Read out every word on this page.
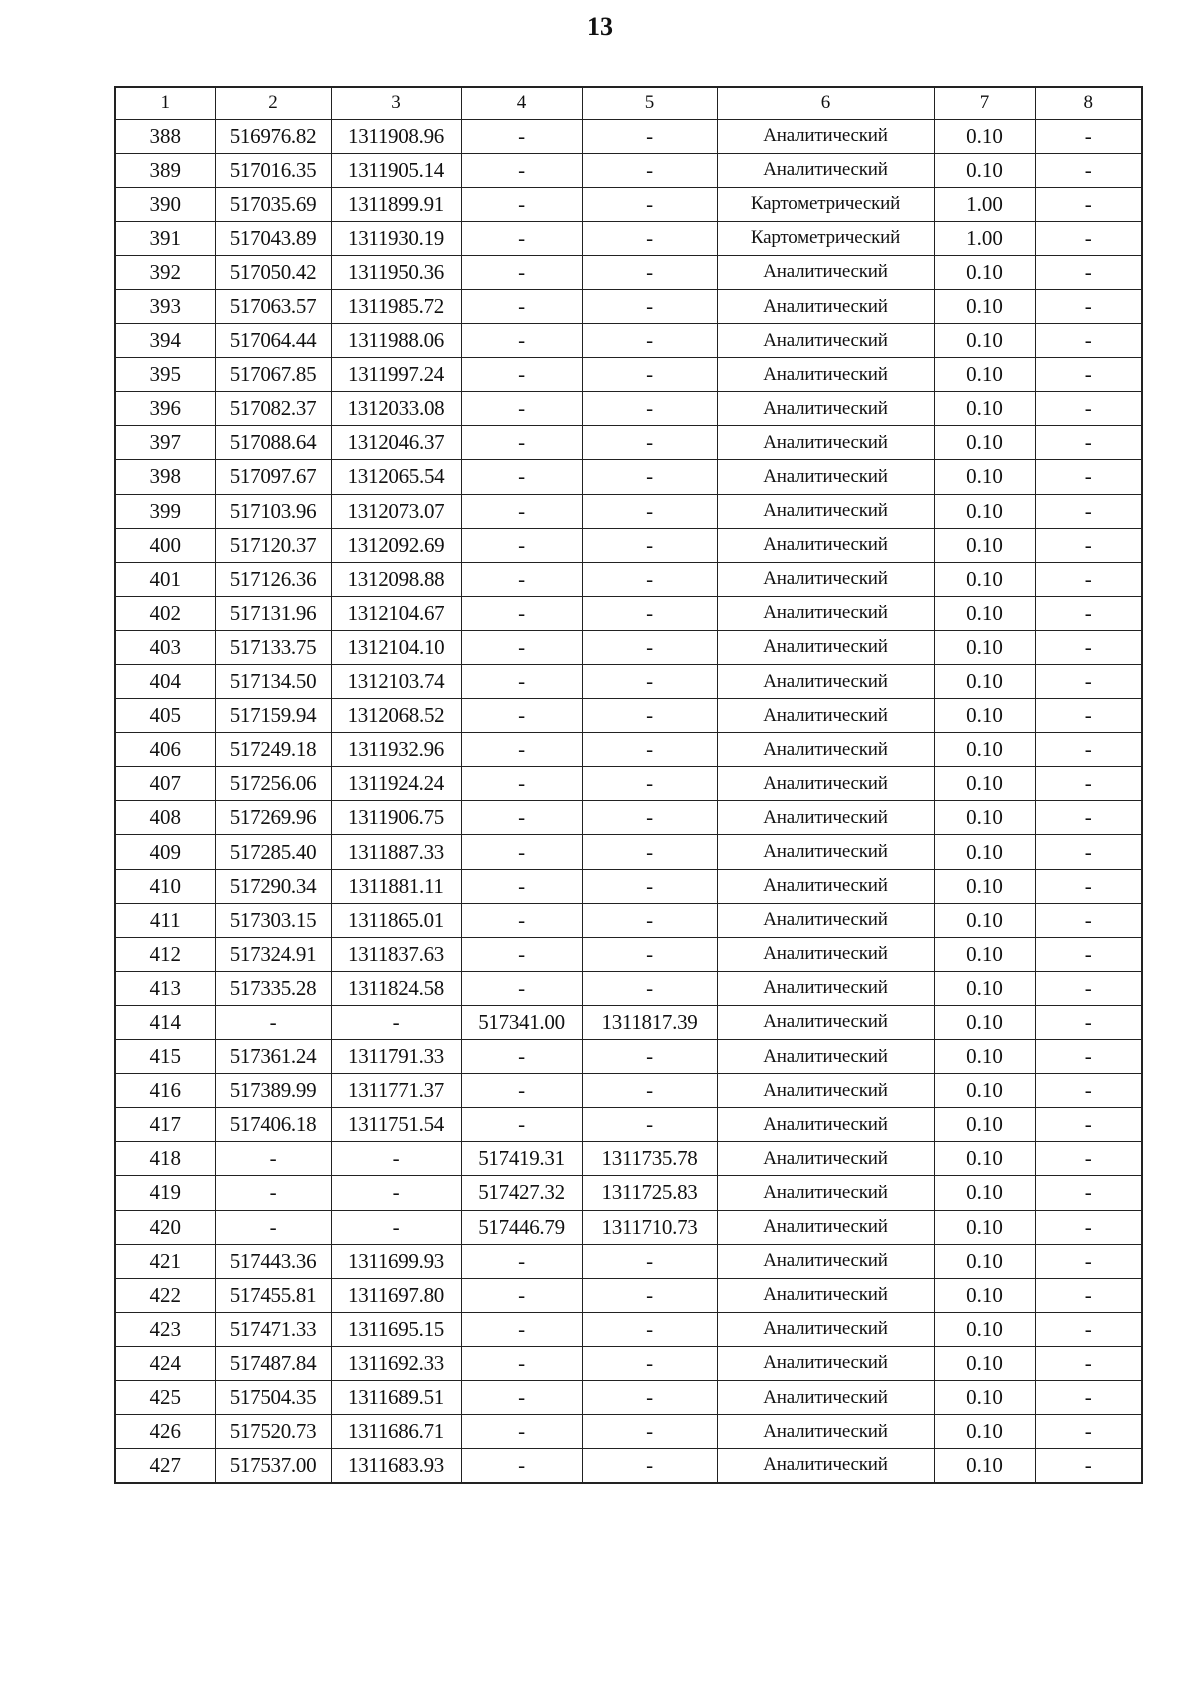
13
1	2	3	4	5	6	7	8
388	516976.82	1311908.96	-	-	Аналитический	0.10	-
389	517016.35	1311905.14	-	-	Аналитический	0.10	-
390	517035.69	1311899.91	-	-	Картометрический	1.00	-
391	517043.89	1311930.19	-	-	Картометрический	1.00	-
392	517050.42	1311950.36	-	-	Аналитический	0.10	-
393	517063.57	1311985.72	-	-	Аналитический	0.10	-
394	517064.44	1311988.06	-	-	Аналитический	0.10	-
395	517067.85	1311997.24	-	-	Аналитический	0.10	-
396	517082.37	1312033.08	-	-	Аналитический	0.10	-
397	517088.64	1312046.37	-	-	Аналитический	0.10	-
398	517097.67	1312065.54	-	-	Аналитический	0.10	-
399	517103.96	1312073.07	-	-	Аналитический	0.10	-
400	517120.37	1312092.69	-	-	Аналитический	0.10	-
401	517126.36	1312098.88	-	-	Аналитический	0.10	-
402	517131.96	1312104.67	-	-	Аналитический	0.10	-
403	517133.75	1312104.10	-	-	Аналитический	0.10	-
404	517134.50	1312103.74	-	-	Аналитический	0.10	-
405	517159.94	1312068.52	-	-	Аналитический	0.10	-
406	517249.18	1311932.96	-	-	Аналитический	0.10	-
407	517256.06	1311924.24	-	-	Аналитический	0.10	-
408	517269.96	1311906.75	-	-	Аналитический	0.10	-
409	517285.40	1311887.33	-	-	Аналитический	0.10	-
410	517290.34	1311881.11	-	-	Аналитический	0.10	-
411	517303.15	1311865.01	-	-	Аналитический	0.10	-
412	517324.91	1311837.63	-	-	Аналитический	0.10	-
413	517335.28	1311824.58	-	-	Аналитический	0.10	-
414	-	-	517341.00	1311817.39	Аналитический	0.10	-
415	517361.24	1311791.33	-	-	Аналитический	0.10	-
416	517389.99	1311771.37	-	-	Аналитический	0.10	-
417	517406.18	1311751.54	-	-	Аналитический	0.10	-
418	-	-	517419.31	1311735.78	Аналитический	0.10	-
419	-	-	517427.32	1311725.83	Аналитический	0.10	-
420	-	-	517446.79	1311710.73	Аналитический	0.10	-
421	517443.36	1311699.93	-	-	Аналитический	0.10	-
422	517455.81	1311697.80	-	-	Аналитический	0.10	-
423	517471.33	1311695.15	-	-	Аналитический	0.10	-
424	517487.84	1311692.33	-	-	Аналитический	0.10	-
425	517504.35	1311689.51	-	-	Аналитический	0.10	-
426	517520.73	1311686.71	-	-	Аналитический	0.10	-
427	517537.00	1311683.93	-	-	Аналитический	0.10	-
